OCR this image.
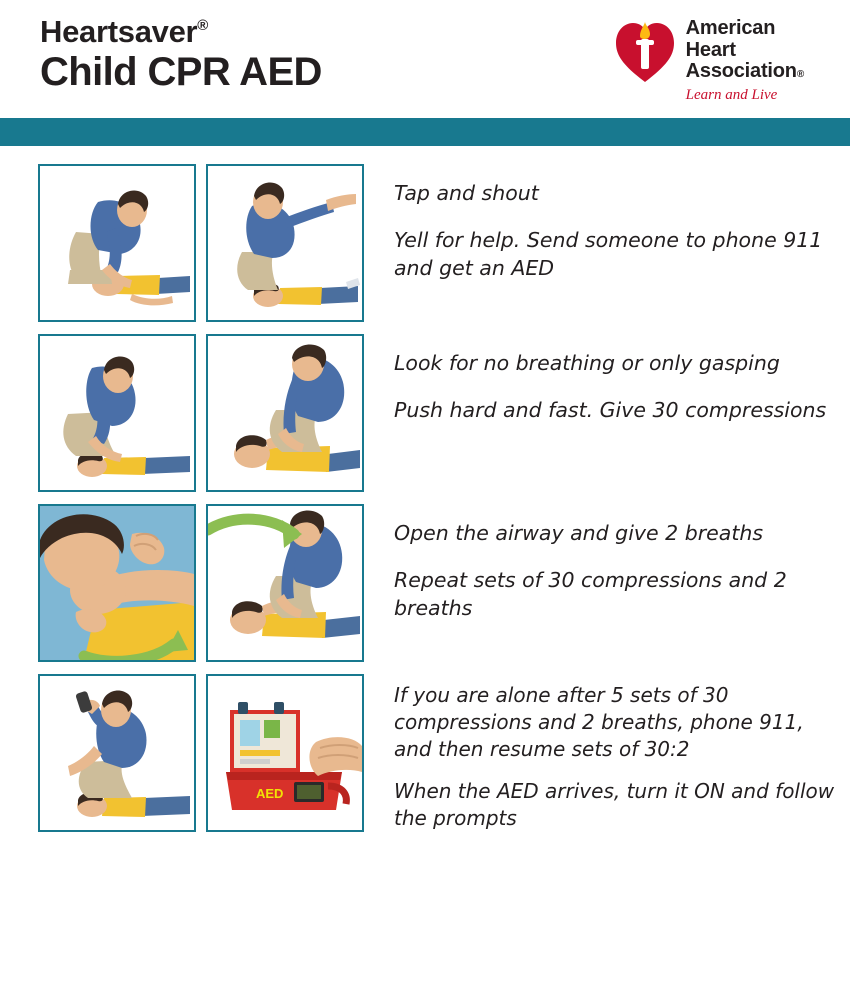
Heartsaver®
Child CPR AED
American
Heart
Association®
Learn and Live

Tap and shout

Yell for help. Send someone to phone 911 and get an AED

Look for no breathing or only gasping

Push hard and fast. Give 30 compressions

Open the airway and give 2 breaths

Repeat sets of 30 compressions and 2 breaths

AED

If you are alone after 5 sets of 30 compressions and 2 breaths, phone 911, and then resume sets of 30:2

When the AED arrives, turn it ON and follow the prompts
